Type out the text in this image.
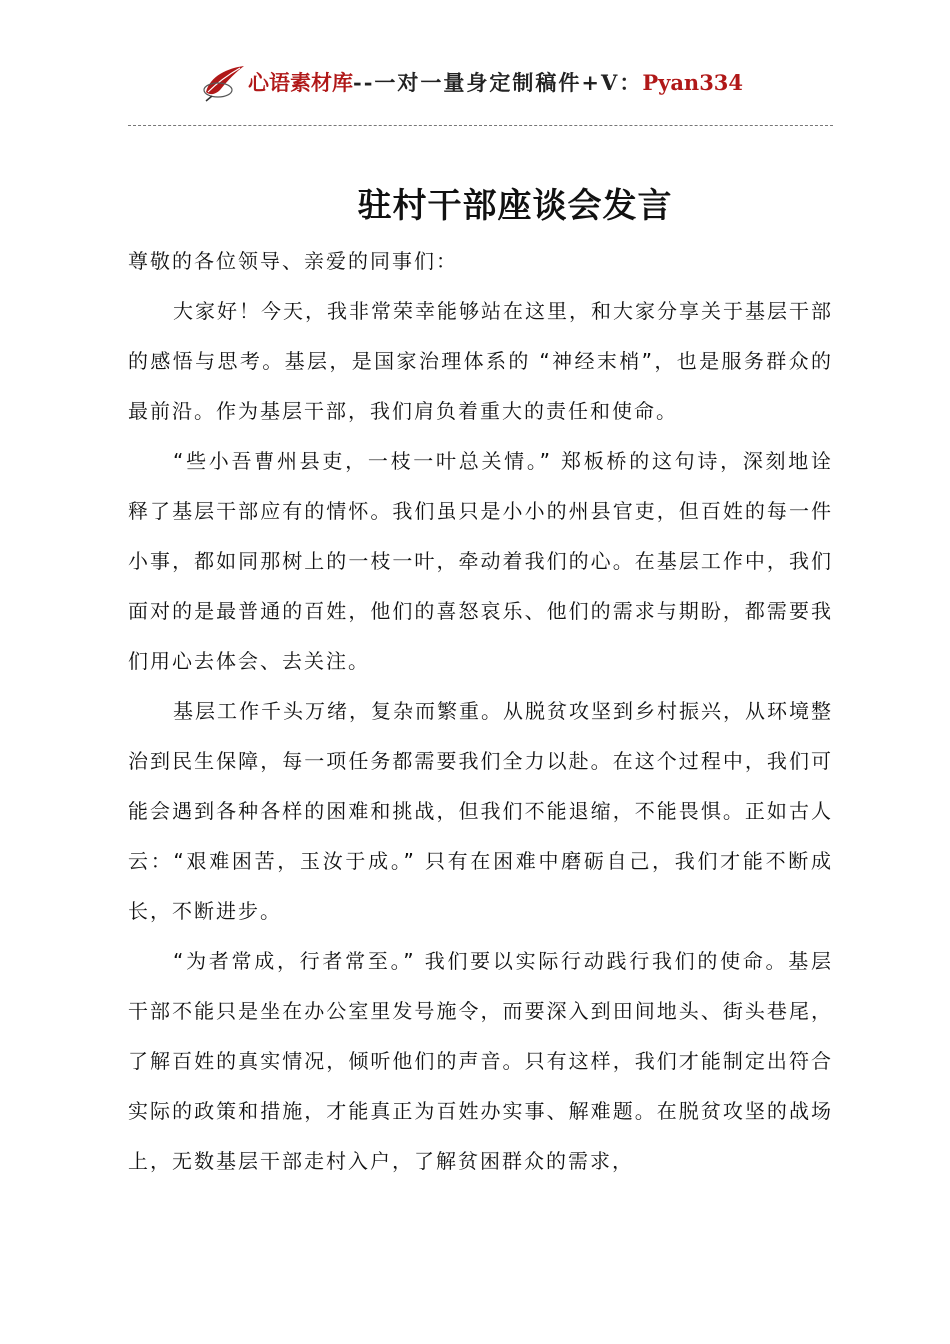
心语素材库--一对一量身定制稿件+V：Pyan334
驻村干部座谈会发言

尊敬的各位领导、亲爱的同事们：

大家好！今天，我非常荣幸能够站在这里，和大家分享关于基层干部的感悟与思考。基层，是国家治理体系的 “神经末梢”，也是服务群众的最前沿。作为基层干部，我们肩负着重大的责任和使命。

“些小吾曹州县吏，一枝一叶总关情。” 郑板桥的这句诗，深刻地诠释了基层干部应有的情怀。我们虽只是小小的州县官吏，但百姓的每一件小事，都如同那树上的一枝一叶，牵动着我们的心。在基层工作中，我们面对的是最普通的百姓，他们的喜怒哀乐、他们的需求与期盼，都需要我们用心去体会、去关注。

基层工作千头万绪，复杂而繁重。从脱贫攻坚到乡村振兴，从环境整治到民生保障，每一项任务都需要我们全力以赴。在这个过程中，我们可能会遇到各种各样的困难和挑战，但我们不能退缩，不能畏惧。正如古人云：“艰难困苦，玉汝于成。” 只有在困难中磨砺自己，我们才能不断成长，不断进步。

“为者常成，行者常至。” 我们要以实际行动践行我们的使命。基层干部不能只是坐在办公室里发号施令，而要深入到田间地头、街头巷尾，了解百姓的真实情况，倾听他们的声音。只有这样，我们才能制定出符合实际的政策和措施，才能真正为百姓办实事、解难题。在脱贫攻坚的战场上，无数基层干部走村入户，了解贫困群众的需求，
